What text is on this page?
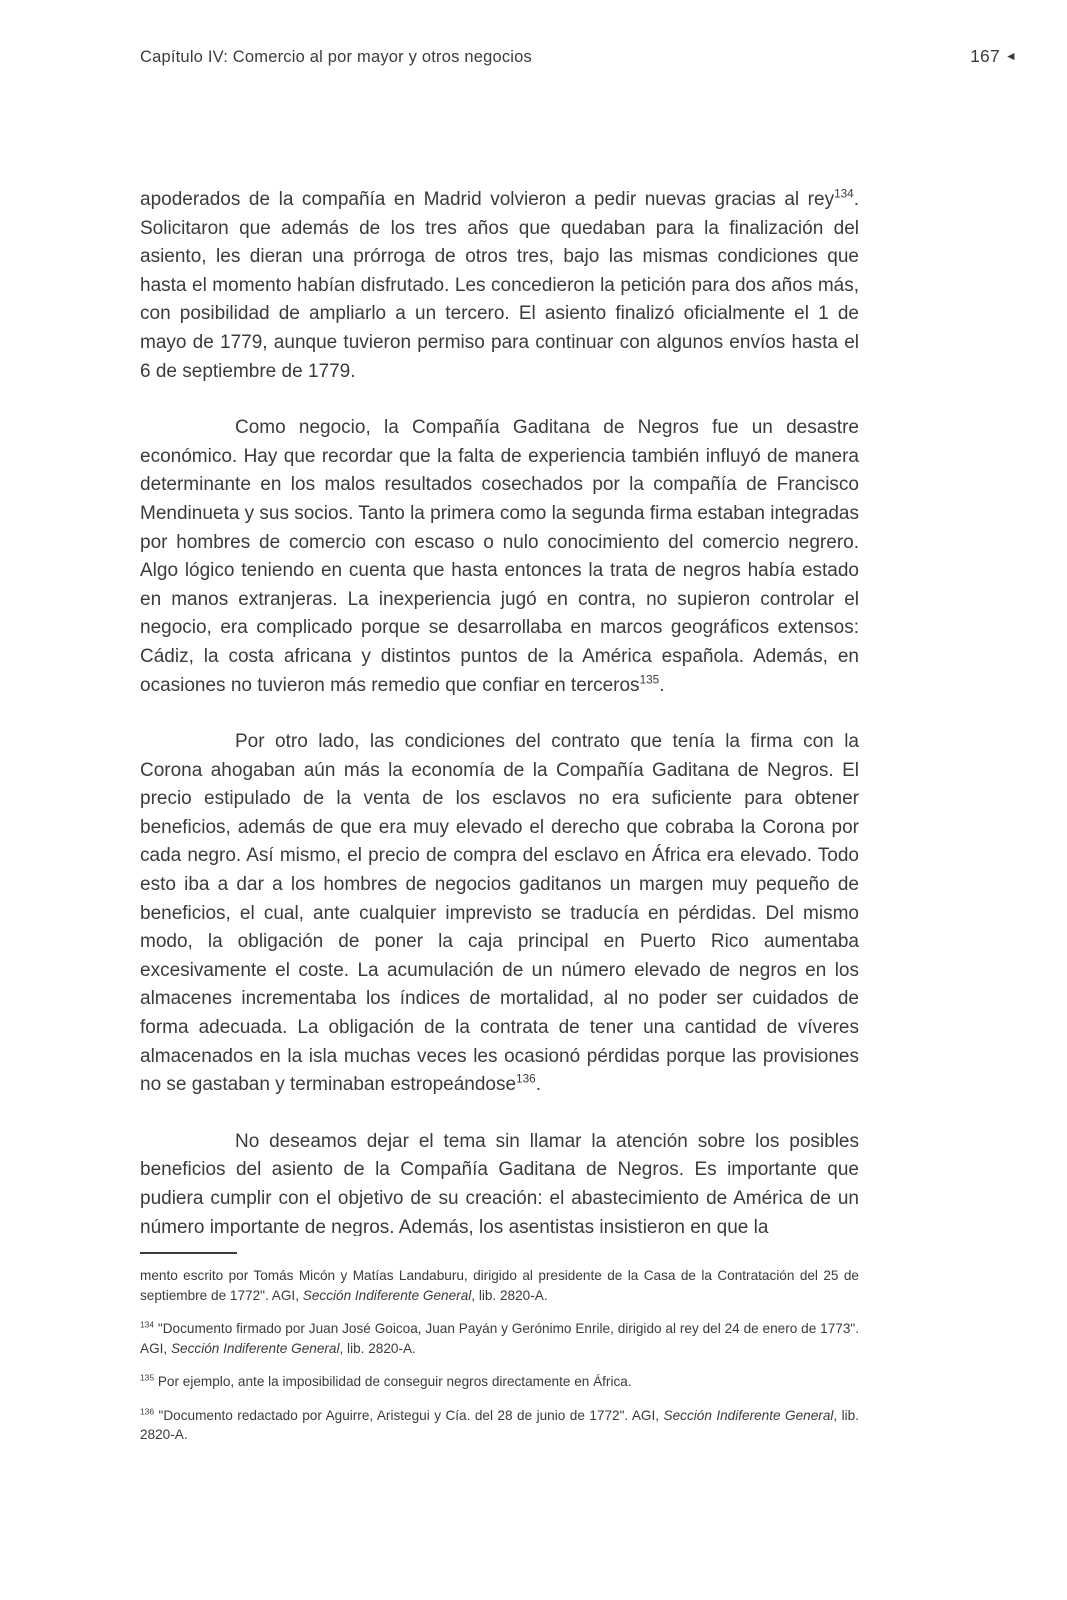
Capítulo IV: Comercio al por mayor y otros negocios	167 ◄

apoderados de la compañía en Madrid volvieron a pedir nuevas gracias al rey$^{134}$. Solicitaron que además de los tres años que quedaban para la finalización del asiento, les dieran una prórroga de otros tres, bajo las mismas condiciones que hasta el momento habían disfrutado. Les concedieron la petición para dos años más, con posibilidad de ampliarlo a un tercero. El asiento finalizó oficialmente el 1 de mayo de 1779, aunque tuvieron permiso para continuar con algunos envíos hasta el 6 de septiembre de 1779.

Como negocio, la Compañía Gaditana de Negros fue un desastre económico. Hay que recordar que la falta de experiencia también influyó de manera determinante en los malos resultados cosechados por la compañía de Francisco Mendinueta y sus socios. Tanto la primera como la segunda firma estaban integradas por hombres de comercio con escaso o nulo conocimiento del comercio negrero. Algo lógico teniendo en cuenta que hasta entonces la trata de negros había estado en manos extranjeras. La inexperiencia jugó en contra, no supieron controlar el negocio, era complicado porque se desarrollaba en marcos geográficos extensos: Cádiz, la costa africana y distintos puntos de la América española. Además, en ocasiones no tuvieron más remedio que confiar en terceros$^{135}$.

Por otro lado, las condiciones del contrato que tenía la firma con la Corona ahogaban aún más la economía de la Compañía Gaditana de Negros. El precio estipulado de la venta de los esclavos no era suficiente para obtener beneficios, además de que era muy elevado el derecho que cobraba la Corona por cada negro. Así mismo, el precio de compra del esclavo en África era elevado. Todo esto iba a dar a los hombres de negocios gaditanos un margen muy pequeño de beneficios, el cual, ante cualquier imprevisto se traducía en pérdidas. Del mismo modo, la obligación de poner la caja principal en Puerto Rico aumentaba excesivamente el coste. La acumulación de un número elevado de negros en los almacenes incrementaba los índices de mortalidad, al no poder ser cuidados de forma adecuada. La obligación de la contrata de tener una cantidad de víveres almacenados en la isla muchas veces les ocasionó pérdidas porque las provisiones no se gastaban y terminaban estropeándose$^{136}$.

No deseamos dejar el tema sin llamar la atención sobre los posibles beneficios del asiento de la Compañía Gaditana de Negros. Es importante que pudiera cumplir con el objetivo de su creación: el abastecimiento de América de un número importante de negros. Además, los asentistas insistieron en que la

mento escrito por Tomás Micón y Matías Landaburu, dirigido al presidente de la Casa de la Contratación del 25 de septiembre de 1772". AGI, Sección Indiferente General, lib. 2820-A.

$^{134}$ "Documento firmado por Juan José Goicoa, Juan Payán y Gerónimo Enrile, dirigido al rey del 24 de enero de 1773". AGI, Sección Indiferente General, lib. 2820-A.

$^{135}$ Por ejemplo, ante la imposibilidad de conseguir negros directamente en África.

$^{136}$ "Documento redactado por Aguirre, Aristegui y Cía. del 28 de junio de 1772". AGI, Sección Indiferente General, lib. 2820-A.
